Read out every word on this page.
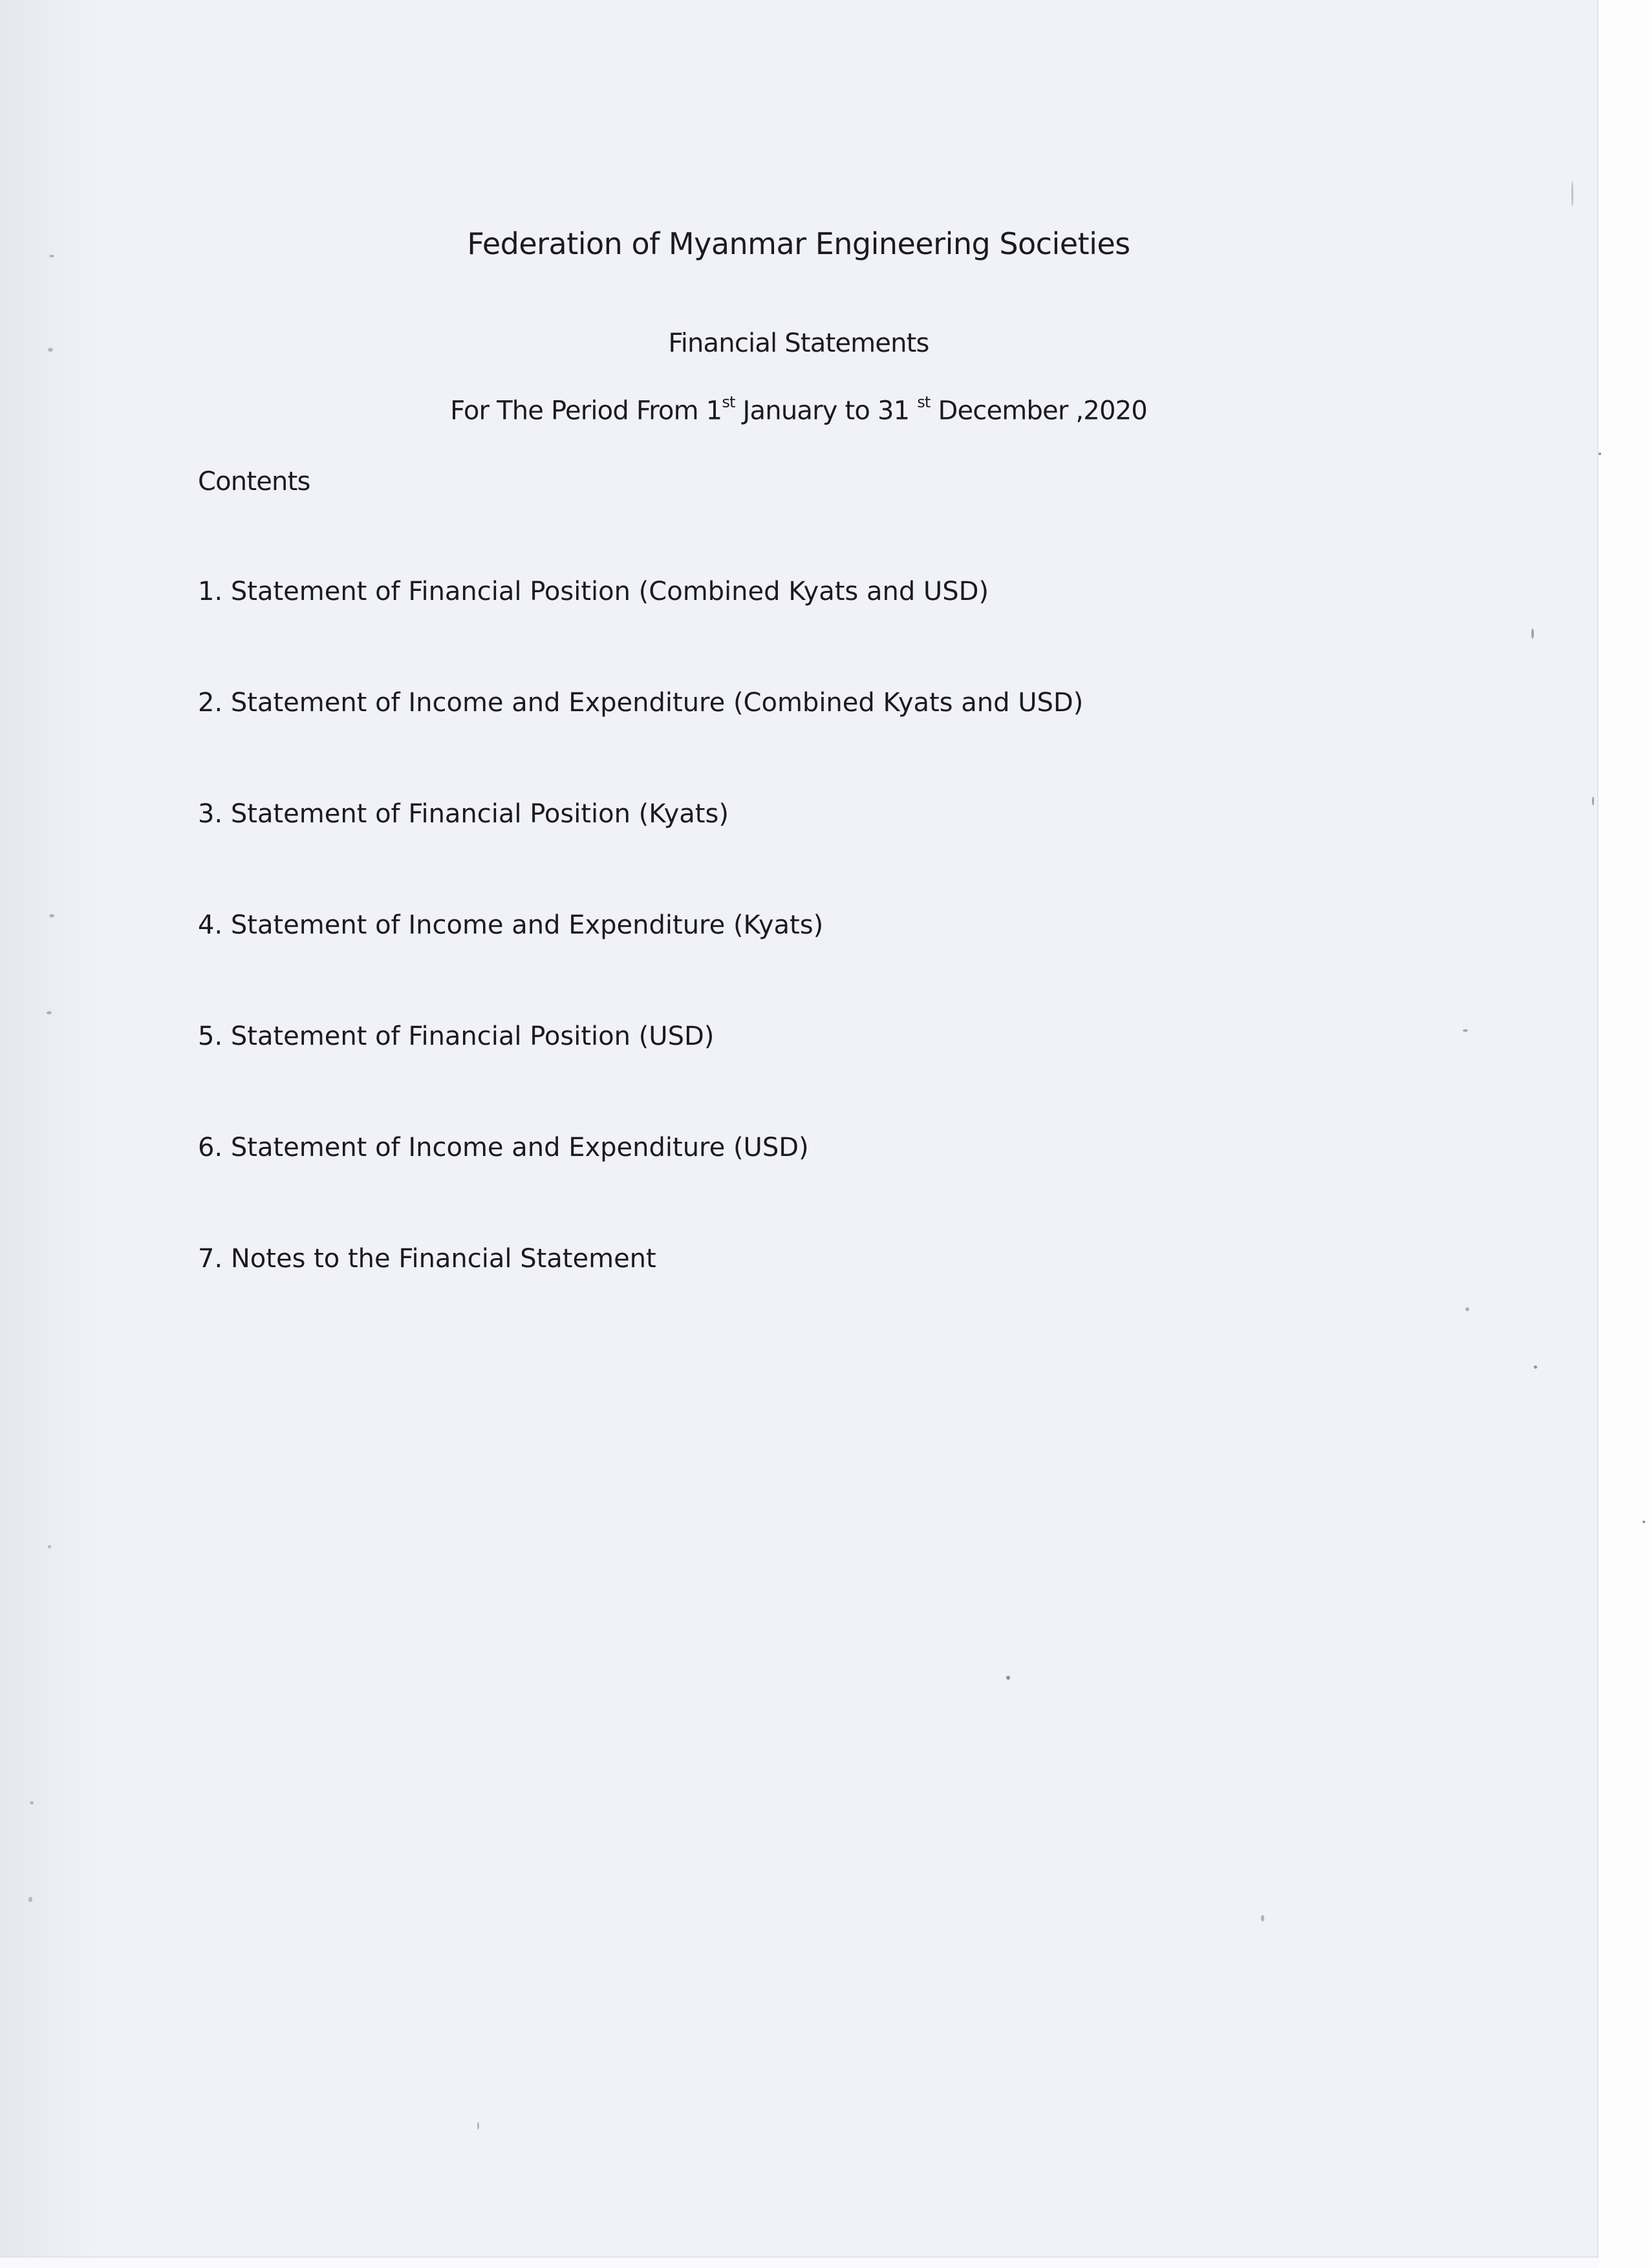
Federation of Myanmar Engineering Societies
Financial Statements
For The Period From 1st January to 31 $^{st}$ December ,2020
Contents
1. Statement of Financial Position (Combined Kyats and USD)
2. Statement of Income and Expenditure (Combined Kyats and USD)
3. Statement of Financial Position (Kyats)
4. Statement of Income and Expenditure (Kyats)
5. Statement of Financial Position (USD)
6. Statement of Income and Expenditure (USD)
7. Notes to the Financial Statement
